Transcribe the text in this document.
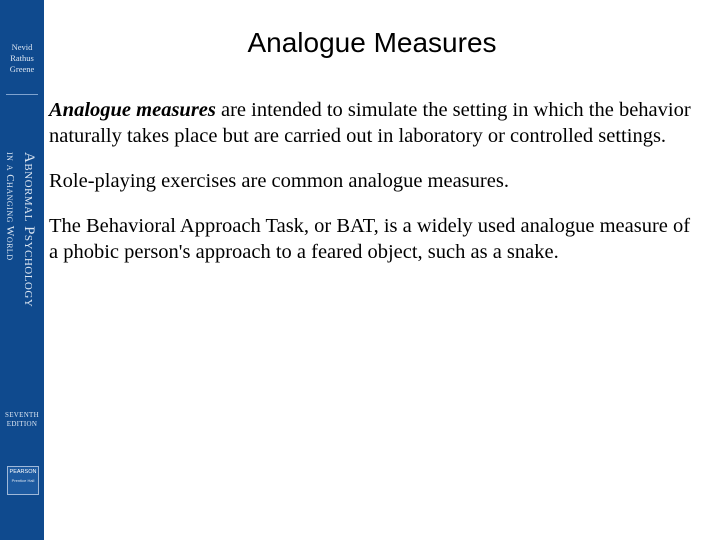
Nevid
Rathus
Greene
Abnormal Psychology
in a Changing World
SEVENTH
EDITION
PEARSON
Prentice Hall
Analogue Measures

Analogue measures are intended to simulate the setting in which the behavior naturally takes place but are carried out in laboratory or controlled settings.

Role-playing exercises are common analogue measures.

The Behavioral Approach Task, or BAT, is a widely used analogue measure of a phobic person's approach to a feared object, such as a snake.
